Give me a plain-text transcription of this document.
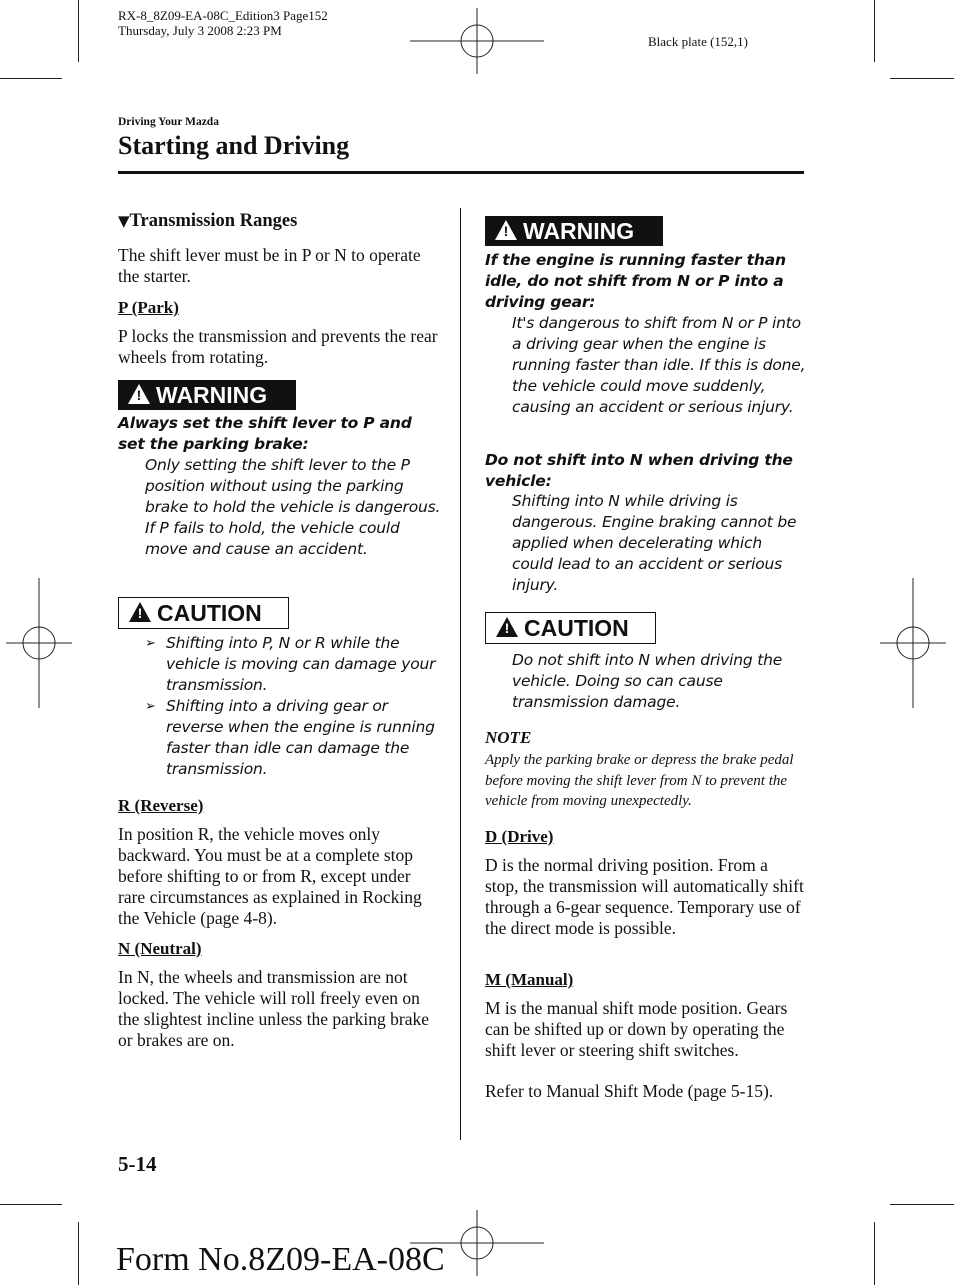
RX-8_8Z09-EA-08C_Edition3 Page152
Thursday, July 3 2008 2:23 PM
Black plate (152,1)
Driving Your Mazda
Starting and Driving
▼Transmission Ranges

The shift lever must be in P or N to operate the starter.

P (Park)

P locks the transmission and prevents the rear wheels from rotating.

! WARNING

Always set the shift lever to P and set the parking brake:

Only setting the shift lever to the P position without using the parking brake to hold the vehicle is dangerous. If P fails to hold, the vehicle could move and cause an accident.

! CAUTION
➢ Shifting into P, N or R while the vehicle is moving can damage your transmission.
➢ Shifting into a driving gear or reverse when the engine is running faster than idle can damage the transmission.
R (Reverse)

In position R, the vehicle moves only backward. You must be at a complete stop before shifting to or from R, except under rare circumstances as explained in Rocking the Vehicle (page 4-8).

N (Neutral)

In N, the wheels and transmission are not locked. The vehicle will roll freely even on the slightest incline unless the parking brake or brakes are on.

! WARNING

If the engine is running faster than idle, do not shift from N or P into a driving gear:

It's dangerous to shift from N or P into a driving gear when the engine is running faster than idle. If this is done, the vehicle could move suddenly, causing an accident or serious injury.

Do not shift into N when driving the vehicle:

Shifting into N while driving is dangerous. Engine braking cannot be applied when decelerating which could lead to an accident or serious injury.

! CAUTION

Do not shift into N when driving the vehicle. Doing so can cause transmission damage.

NOTE

Apply the parking brake or depress the brake pedal before moving the shift lever from N to prevent the vehicle from moving unexpectedly.

D (Drive)

D is the normal driving position. From a stop, the transmission will automatically shift through a 6-gear sequence. Temporary use of the direct mode is possible.

M (Manual)

M is the manual shift mode position. Gears can be shifted up or down by operating the shift lever or steering shift switches.

Refer to Manual Shift Mode (page 5-15).

5-14
Form No.8Z09-EA-08C
